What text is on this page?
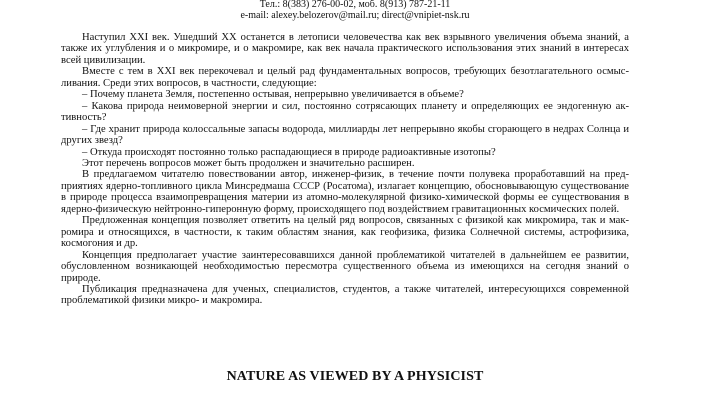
Тел.: 8(383) 276-00-02, моб. 8(913) 787-21-11
e-mail: alexey.belozerov@mail.ru; direct@vnipiet-nsk.ru

Наступил XXI век. Ушедший XX останется в летописи человечества как век взрывного увеличения объема знаний, а также их углубления и о микромире, и о макромире, как век начала практического использования этих знаний в интересах всей цивилизации.

Вместе с тем в XXI век перекочевал и целый рад фундаментальных вопросов, требующих безотлагательного осмысливания. Среди этих вопросов, в частности, следующие:

– Почему планета Земля, постепенно остывая, непрерывно увеличивается в объеме?

– Какова природа неимоверной энергии и сил, постоянно сотрясающих планету и определяющих ее эндогенную активность?

– Где хранит природа колоссальные запасы водорода, миллиарды лет непрерывно якобы сгорающего в недрах Солнца и других звезд?

– Откуда происходят постоянно только распадающиеся в природе радиоактивные изотопы?

Этот перечень вопросов может быть продолжен и значительно расширен.

В предлагаемом читателю повествовании автор, инженер-физик, в течение почти полувека проработавший на предприятиях ядерно-топливного цикла Минсредмаша СССР (Росатома), излагает концепцию, обосновывающую существование в природе процесса взаимопревращения материи из атомно-молекулярной физико-химической формы ее существования в ядерно-физическую нейтронно-гиперонную форму, происходящего под воздействием гравитационных космических полей.

Предложенная концепция позволяет ответить на целый ряд вопросов, связанных с физикой как микромира, так и макромира и относящихся, в частности, к таким областям знания, как геофизика, физика Солнечной системы, астрофизика, космогония и др.

Концепция предполагает участие заинтересовавшихся данной проблематикой читателей в дальнейшем ее развитии, обусловленном возникающей необходимостью пересмотра существенного объема из имеющихся на сегодня знаний о природе.

Публикация предназначена для ученых, специалистов, студентов, а также читателей, интересующихся современной проблематикой физики микро- и макромира.

NATURE AS VIEWED BY A PHYSICIST
